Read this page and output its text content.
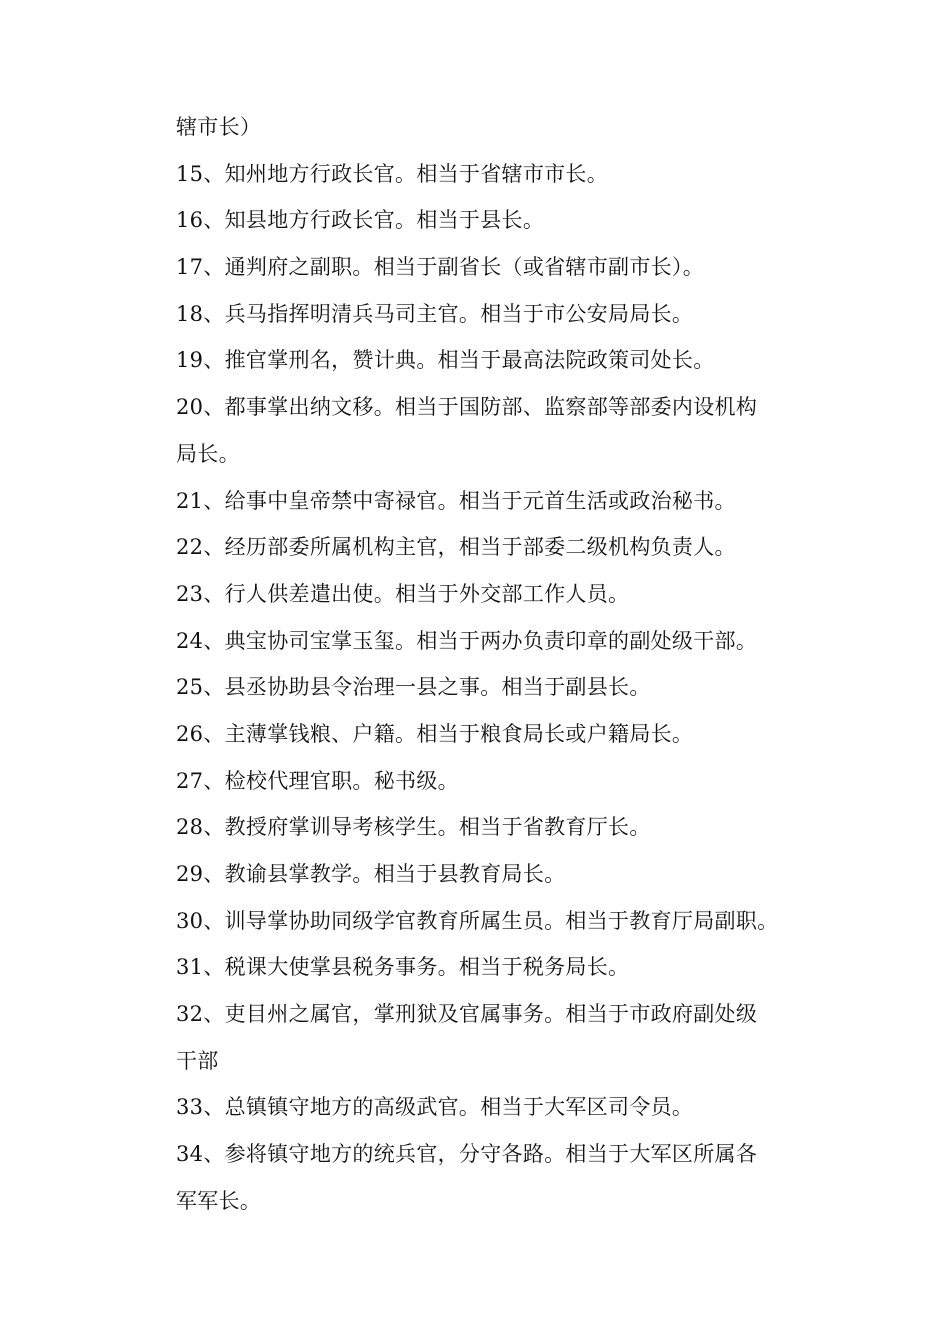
辖市长）
15、知州地方行政长官。相当于省辖市市长。
16、知县地方行政长官。相当于县长。
17、通判府之副职。相当于副省长（或省辖市副市长）。
18、兵马指挥明清兵马司主官。相当于市公安局局长。
19、推官掌刑名，赞计典。相当于最高法院政策司处长。
20、都事掌出纳文移。相当于国防部、监察部等部委内设机构
局长。
21、给事中皇帝禁中寄禄官。相当于元首生活或政治秘书。
22、经历部委所属机构主官，相当于部委二级机构负责人。
23、行人供差遣出使。相当于外交部工作人员。
24、典宝协司宝掌玉玺。相当于两办负责印章的副处级干部。
25、县丞协助县令治理一县之事。相当于副县长。
26、主薄掌钱粮、户籍。相当于粮食局长或户籍局长。
27、检校代理官职。秘书级。
28、教授府掌训导考核学生。相当于省教育厅长。
29、教谕县掌教学。相当于县教育局长。
30、训导掌协助同级学官教育所属生员。相当于教育厅局副职。
31、税课大使掌县税务事务。相当于税务局长。
32、吏目州之属官，掌刑狱及官属事务。相当于市政府副处级
干部
33、总镇镇守地方的高级武官。相当于大军区司令员。
34、参将镇守地方的统兵官，分守各路。相当于大军区所属各
军军长。
